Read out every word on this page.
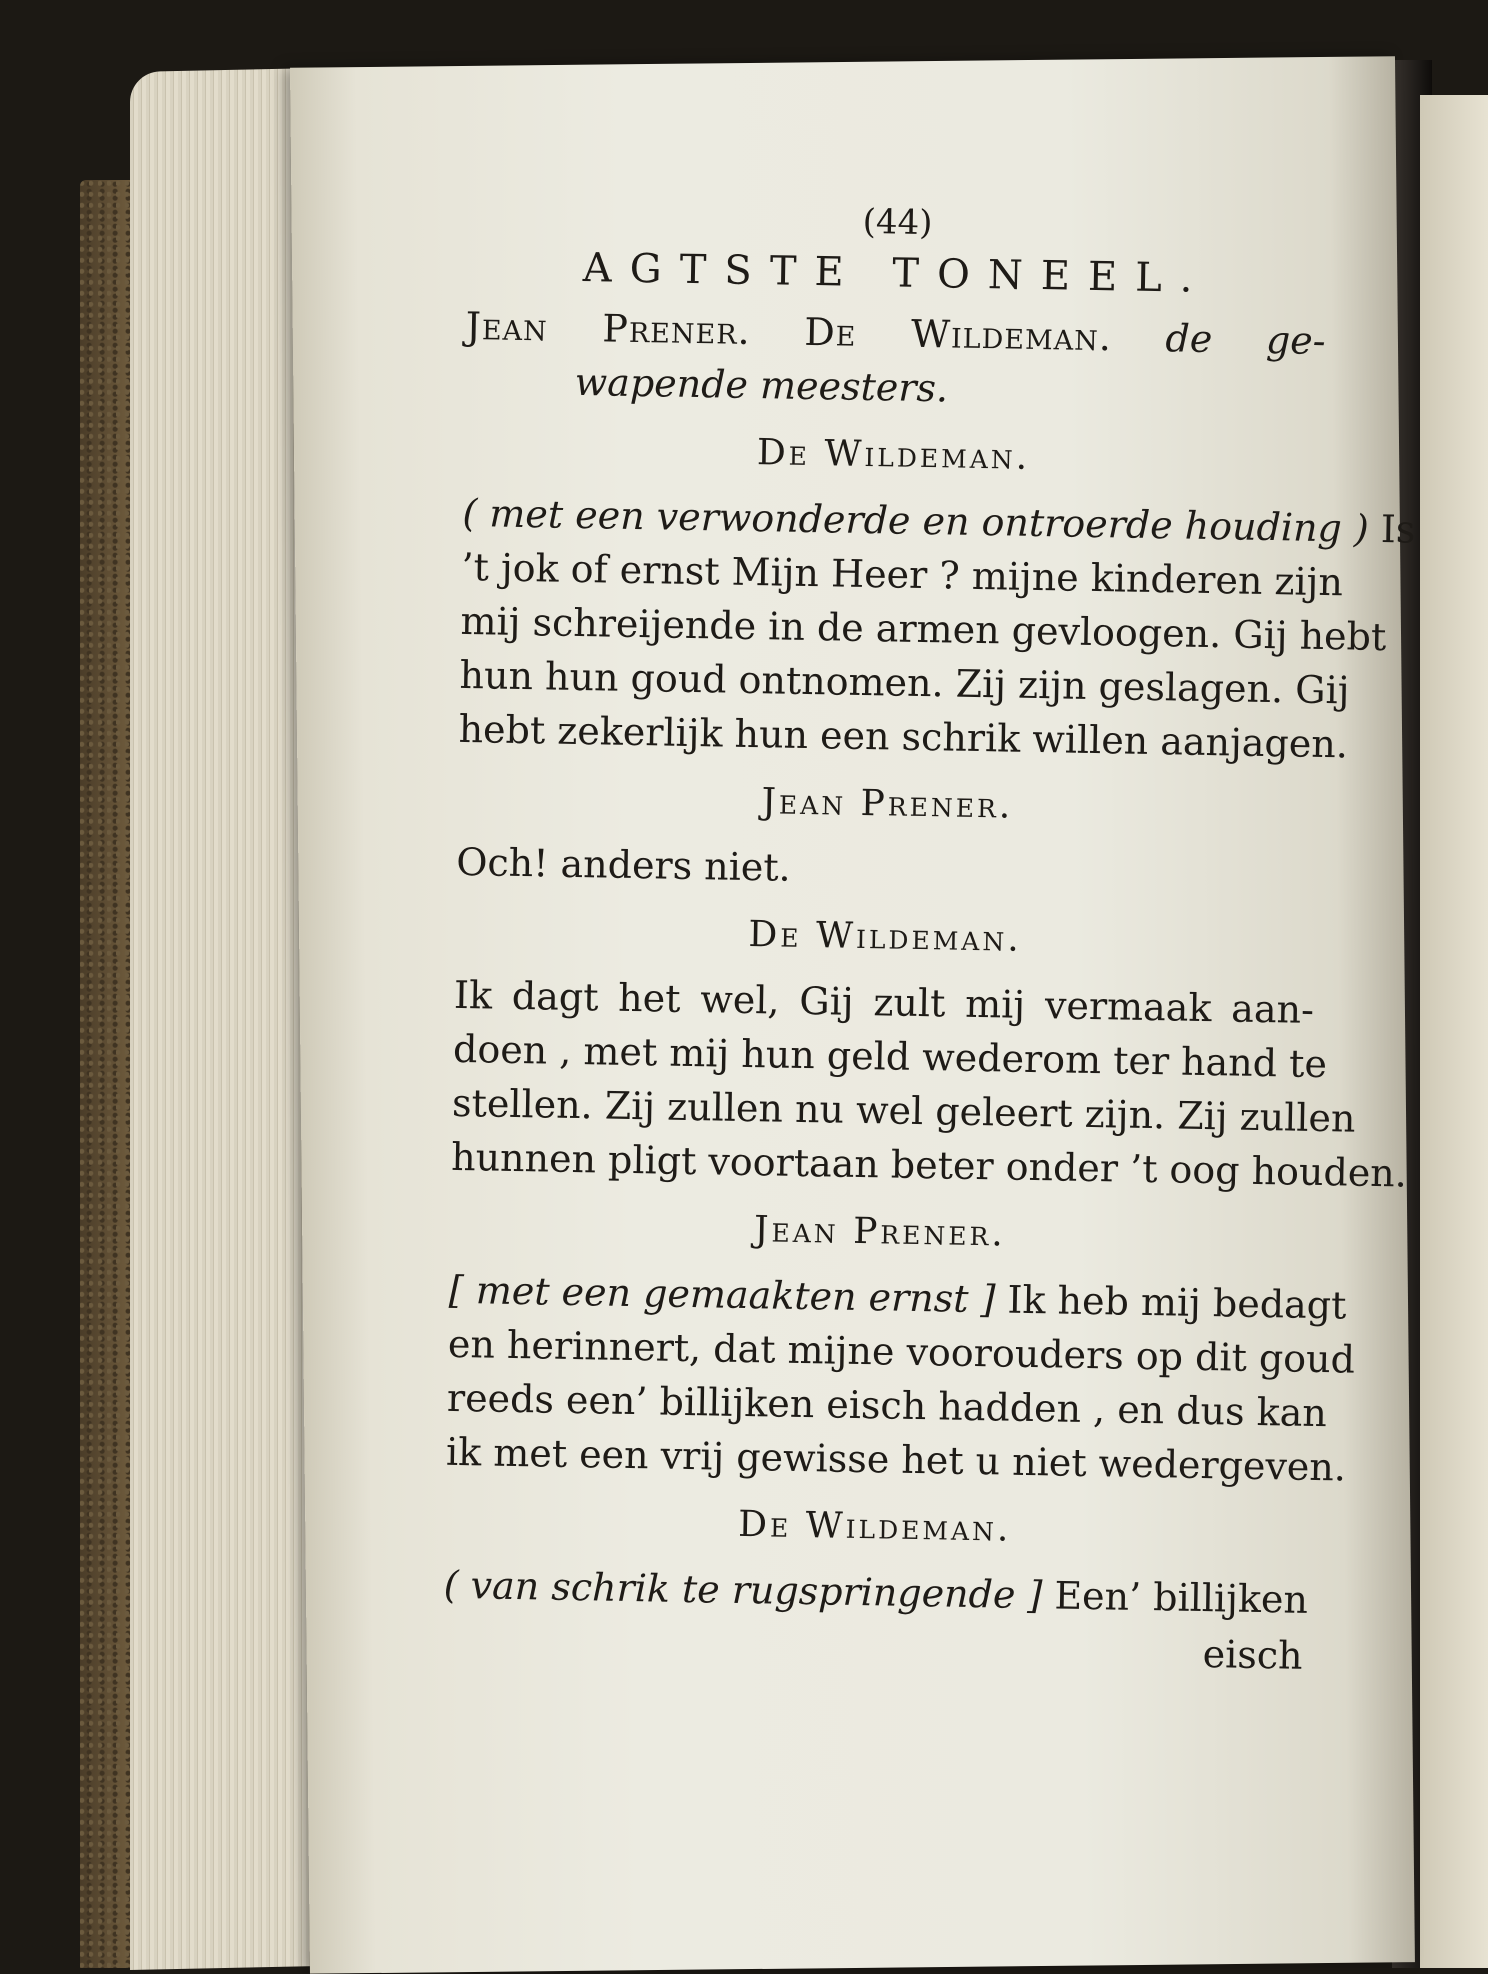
(44)
AGTSTE TONEEL.
Jean Prener. De Wildeman. de ge-
wapende meesters.
De Wildeman.
( met een verwonderde en ontroerde houding ) Is
’t jok of ernst Mijn Heer ? mijne kinderen zijn
mij schreijende in de armen gevloogen. Gij hebt
hun hun goud ontnomen. Zij zijn geslagen. Gij
hebt zekerlijk hun een schrik willen aanjagen.
Jean Prener.
Och! anders niet.
De Wildeman.
Ik dagt het wel, Gij zult mij vermaak aan-
doen , met mij hun geld wederom ter hand te
stellen. Zij zullen nu wel geleert zijn. Zij zullen
hunnen pligt voortaan beter onder ’t oog houden.
Jean Prener.
[ met een gemaakten ernst ] Ik heb mij bedagt
en herinnert, dat mijne voorouders op dit goud
reeds een’ billijken eisch hadden , en dus kan
ik met een vrij gewisse het u niet wedergeven.
De Wildeman.
( van schrik te rugspringende ] Een’ billijken
eisch
